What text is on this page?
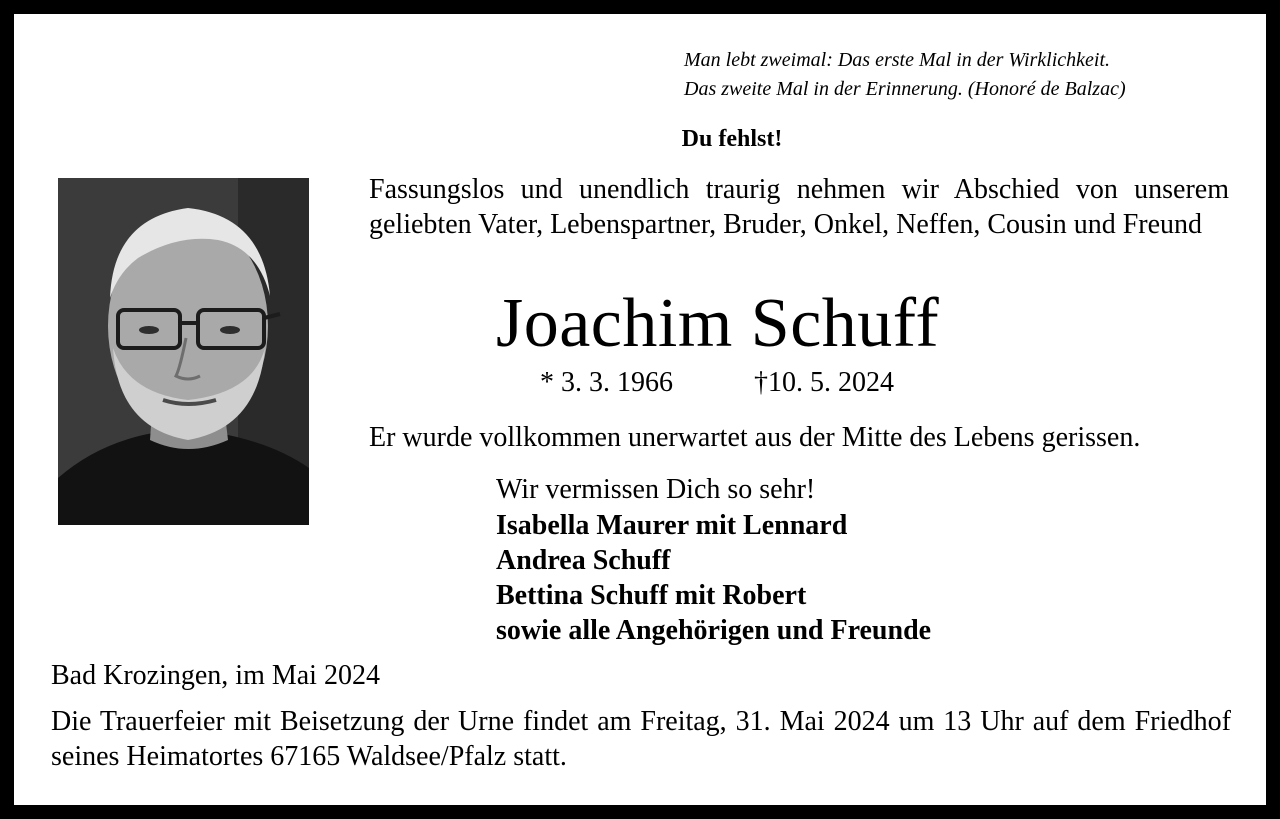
Man lebt zweimal: Das erste Mal in der Wirklichkeit.
Das zweite Mal in der Erinnerung. (Honoré de Balzac)
Du fehlst!
Fassungslos und unendlich traurig nehmen wir Abschied von unserem geliebten Vater, Lebenspartner, Bruder, Onkel, Neffen, Cousin und Freund
Joachim Schuff
* 3. 3. 1966	†10. 5. 2024
Er wurde vollkommen unerwartet aus der Mitte des Lebens gerissen.
Wir vermissen Dich so sehr!
Isabella Maurer mit Lennard
Andrea Schuff
Bettina Schuff mit Robert
sowie alle Angehörigen und Freunde
Bad Krozingen, im Mai 2024
Die Trauerfeier mit Beisetzung der Urne findet am Freitag, 31. Mai 2024 um 13 Uhr auf dem Friedhof seines Heimatortes 67165 Waldsee/Pfalz statt.
